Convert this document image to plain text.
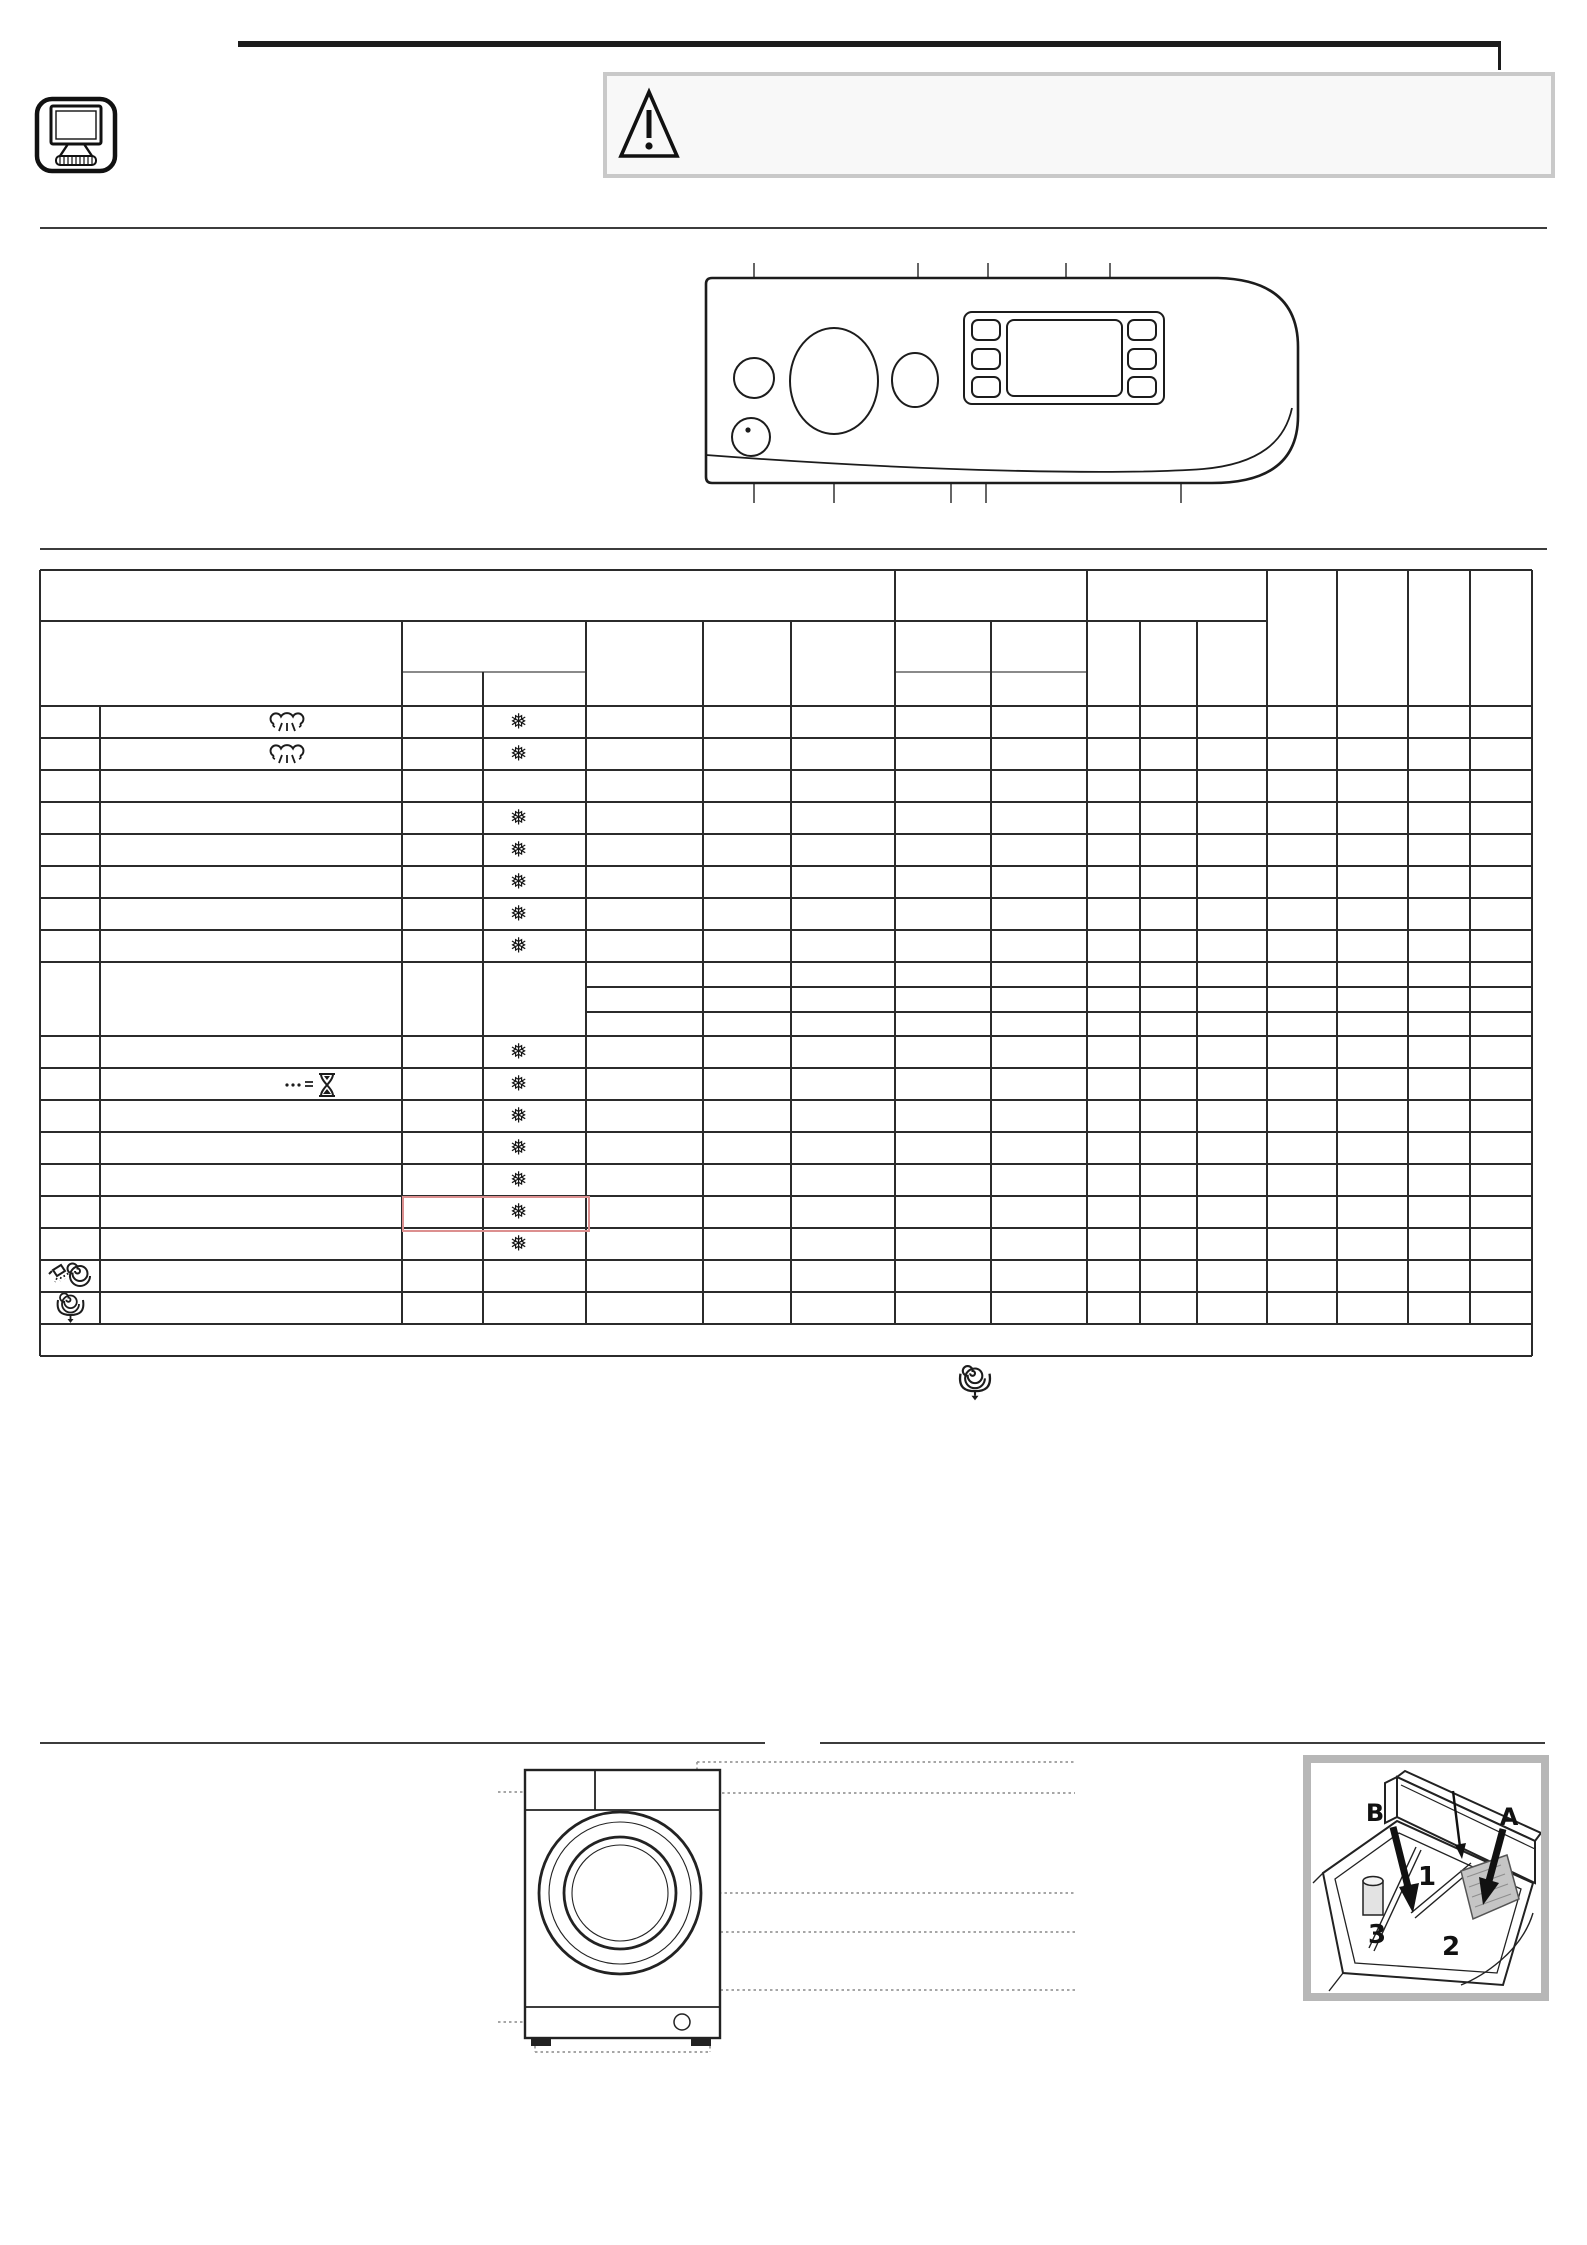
❅
❅
❅
❅
❅
❅
❅
❅
❅
❅
❅
❅
❅
❅
B	A
1
2
3
